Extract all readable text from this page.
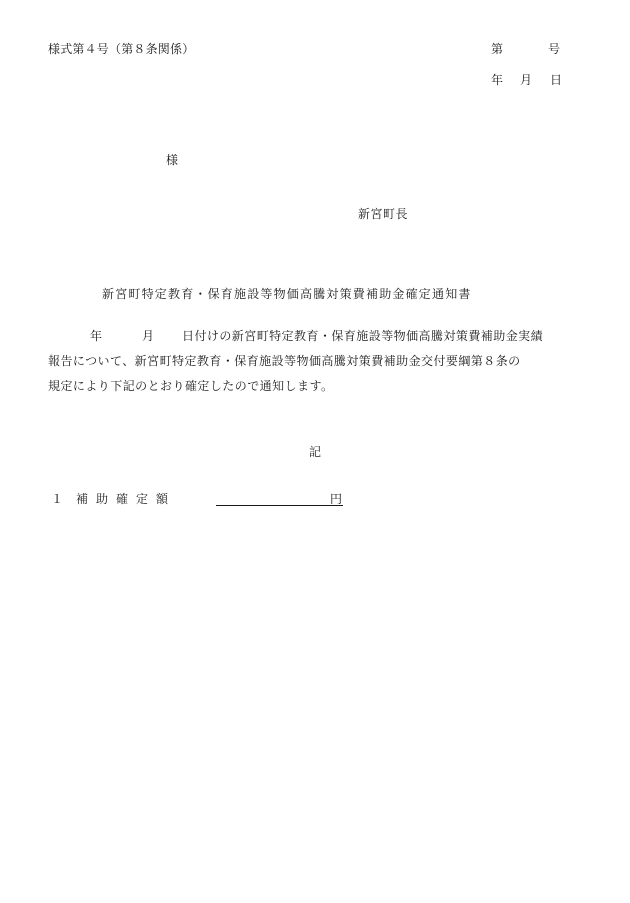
様式第４号（第８条関係）	第	号
年 月 日
様
新宮町長
新宮町特定教育・保育施設等物価高騰対策費補助金確定通知書
年	月 日付けの新宮町特定教育・保育施設等物価高騰対策費補助金実績
報告について、新宮町特定教育・保育施設等物価高騰対策費補助金交付要綱第８条の
規定により下記のとおり確定したので通知します。
記
１ 補助確定額	円
